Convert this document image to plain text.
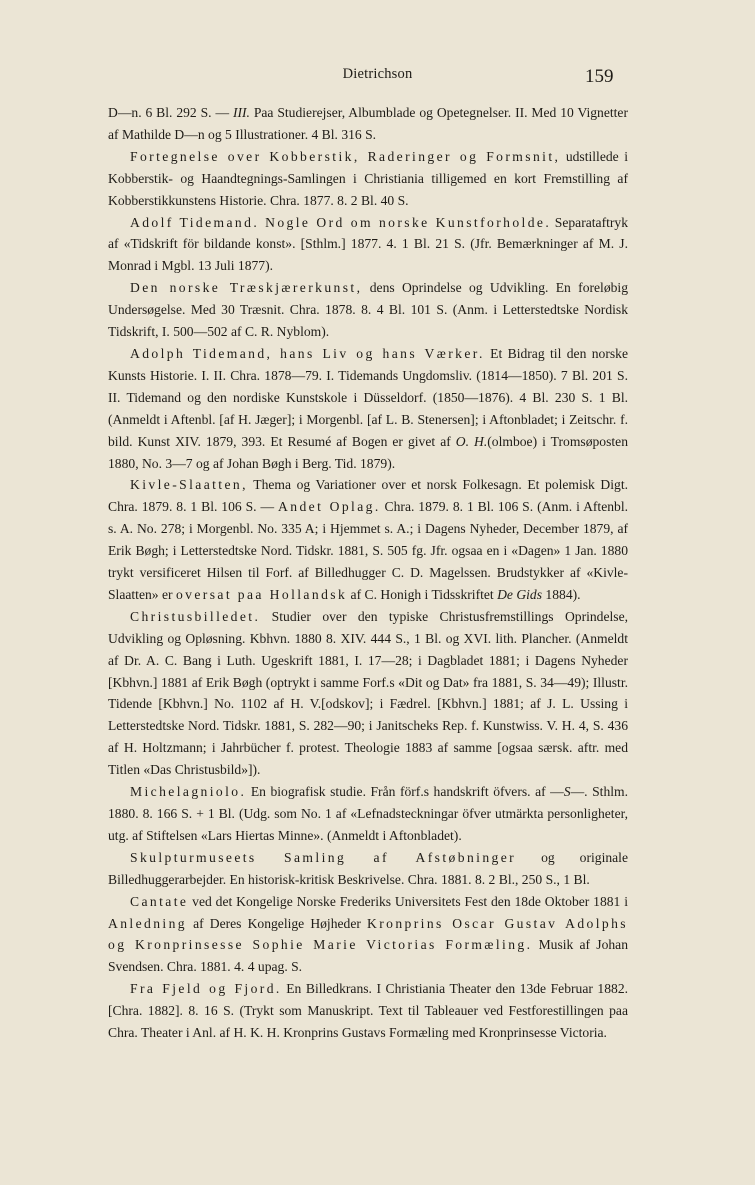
Dietrichson	159

D—n. 6 Bl. 292 S. — III. Paa Studierejser, Albumblade og Opetegnelser. II. Med 10 Vignetter af Mathilde D—n og 5 Illustrationer. 4 Bl. 316 S.

Fortegnelse over Kobberstik, Raderinger og Formsnit, udstillede i Kobberstik- og Haandtegnings-Samlingen i Christiania tilligemed en kort Fremstilling af Kobberstikkunstens Historie. Chra. 1877. 8. 2 Bl. 40 S.

Adolf Tidemand. Nogle Ord om norske Kunstforholde. Separataftryk af «Tidskrift för bildande konst». [Sthlm.] 1877. 4. 1 Bl. 21 S. (Jfr. Bemærkninger af M. J. Monrad i Mgbl. 13 Juli 1877).

Den norske Træskjærerkunst, dens Oprindelse og Udvikling. En foreløbig Undersøgelse. Med 30 Træsnit. Chra. 1878. 8. 4 Bl. 101 S. (Anm. i Letterstedtske Nordisk Tidskrift, I. 500—502 af C. R. Nyblom).

Adolph Tidemand, hans Liv og hans Værker. Et Bidrag til den norske Kunsts Historie. I. II. Chra. 1878—79. I. Tidemands Ungdomsliv. (1814—1850). 7 Bl. 201 S. II. Tidemand og den nordiske Kunstskole i Düsseldorf. (1850—1876). 4 Bl. 230 S. 1 Bl. (Anmeldt i Aftenbl. [af H. Jæger]; i Morgenbl. [af L. B. Stenersen]; i Aftonbladet; i Zeitschr. f. bild. Kunst XIV. 1879, 393. Et Resumé af Bogen er givet af O. H.(olmboe) i Tromsøposten 1880, No. 3—7 og af Johan Bøgh i Berg. Tid. 1879).

Kivle-Slaatten, Thema og Variationer over et norsk Folkesagn. Et polemisk Digt. Chra. 1879. 8. 1 Bl. 106 S. — Andet Oplag. Chra. 1879. 8. 1 Bl. 106 S. (Anm. i Aftenbl. s. A. No. 278; i Morgenbl. No. 335 A; i Hjemmet s. A.; i Dagens Nyheder, December 1879, af Erik Bøgh; i Letterstedtske Nord. Tidskr. 1881, S. 505 fg. Jfr. ogsaa en i «Dagen» 1 Jan. 1880 trykt versificeret Hilsen til Forf. af Billedhugger C. D. Magelssen. Brudstykker af «Kivle-Slaatten» er oversat paa Hollandsk af C. Honigh i Tidsskriftet De Gids 1884).

Christusbilledet. Studier over den typiske Christusfremstillings Oprindelse, Udvikling og Opløsning. Kbhvn. 1880 8. XIV. 444 S., 1 Bl. og XVI. lith. Plancher. (Anmeldt af Dr. A. C. Bang i Luth. Ugeskrift 1881, I. 17—28; i Dagbladet 1881; i Dagens Nyheder [Kbhvn.] 1881 af Erik Bøgh (optrykt i samme Forf.s «Dit og Dat» fra 1881, S. 34—49); Illustr. Tidende [Kbhvn.] No. 1102 af H. V.[odskov]; i Fædrel. [Kbhvn.] 1881; af J. L. Ussing i Letterstedtske Nord. Tidskr. 1881, S. 282—90; i Janitscheks Rep. f. Kunstwiss. V. H. 4, S. 436 af H. Holtzmann; i Jahrbücher f. protest. Theologie 1883 af samme [ogsaa særsk. aftr. med Titlen «Das Christusbild»]).

Michelagniolo. En biografisk studie. Från förf.s handskrift öfvers. af —S—. Sthlm. 1880. 8. 166 S. + 1 Bl. (Udg. som No. 1 af «Lefnadsteckningar öfver utmärkta personligheter, utg. af Stiftelsen «Lars Hiertas Minne». (Anmeldt i Aftonbladet).

Skulpturmuseets Samling af Afstøbninger og originale Billedhuggerarbejder. En historisk-kritisk Beskrivelse. Chra. 1881. 8. 2 Bl., 250 S., 1 Bl.

Cantate ved det Kongelige Norske Frederiks Universitets Fest den 18de Oktober 1881 i Anledning af Deres Kongelige Højheder Kronprins Oscar Gustav Adolphs og Kronprinsesse Sophie Marie Victorias Formæling. Musik af Johan Svendsen. Chra. 1881. 4. 4 upag. S.

Fra Fjeld og Fjord. En Billedkrans. I Christiania Theater den 13de Februar 1882. [Chra. 1882]. 8. 16 S. (Trykt som Manuskript. Text til Tableauer ved Festforestillingen paa Chra. Theater i Anl. af H. K. H. Kronprins Gustavs Formæling med Kronprinsesse Victoria.
